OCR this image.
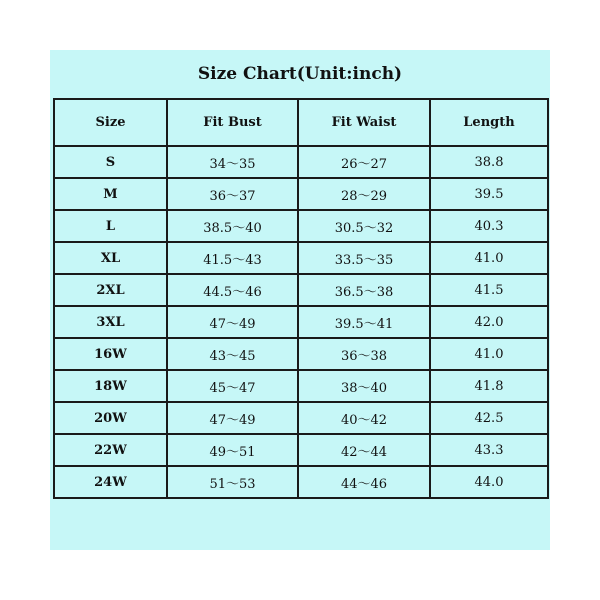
Size Chart(Unit:inch)
Size	Fit Bust	Fit Waist	Length
S	34～35	26～27	38.8
M	36～37	28～29	39.5
L	38.5～40	30.5～32	40.3
XL	41.5～43	33.5～35	41.0
2XL	44.5～46	36.5～38	41.5
3XL	47～49	39.5～41	42.0
16W	43～45	36～38	41.0
18W	45～47	38～40	41.8
20W	47～49	40～42	42.5
22W	49～51	42～44	43.3
24W	51～53	44～46	44.0
